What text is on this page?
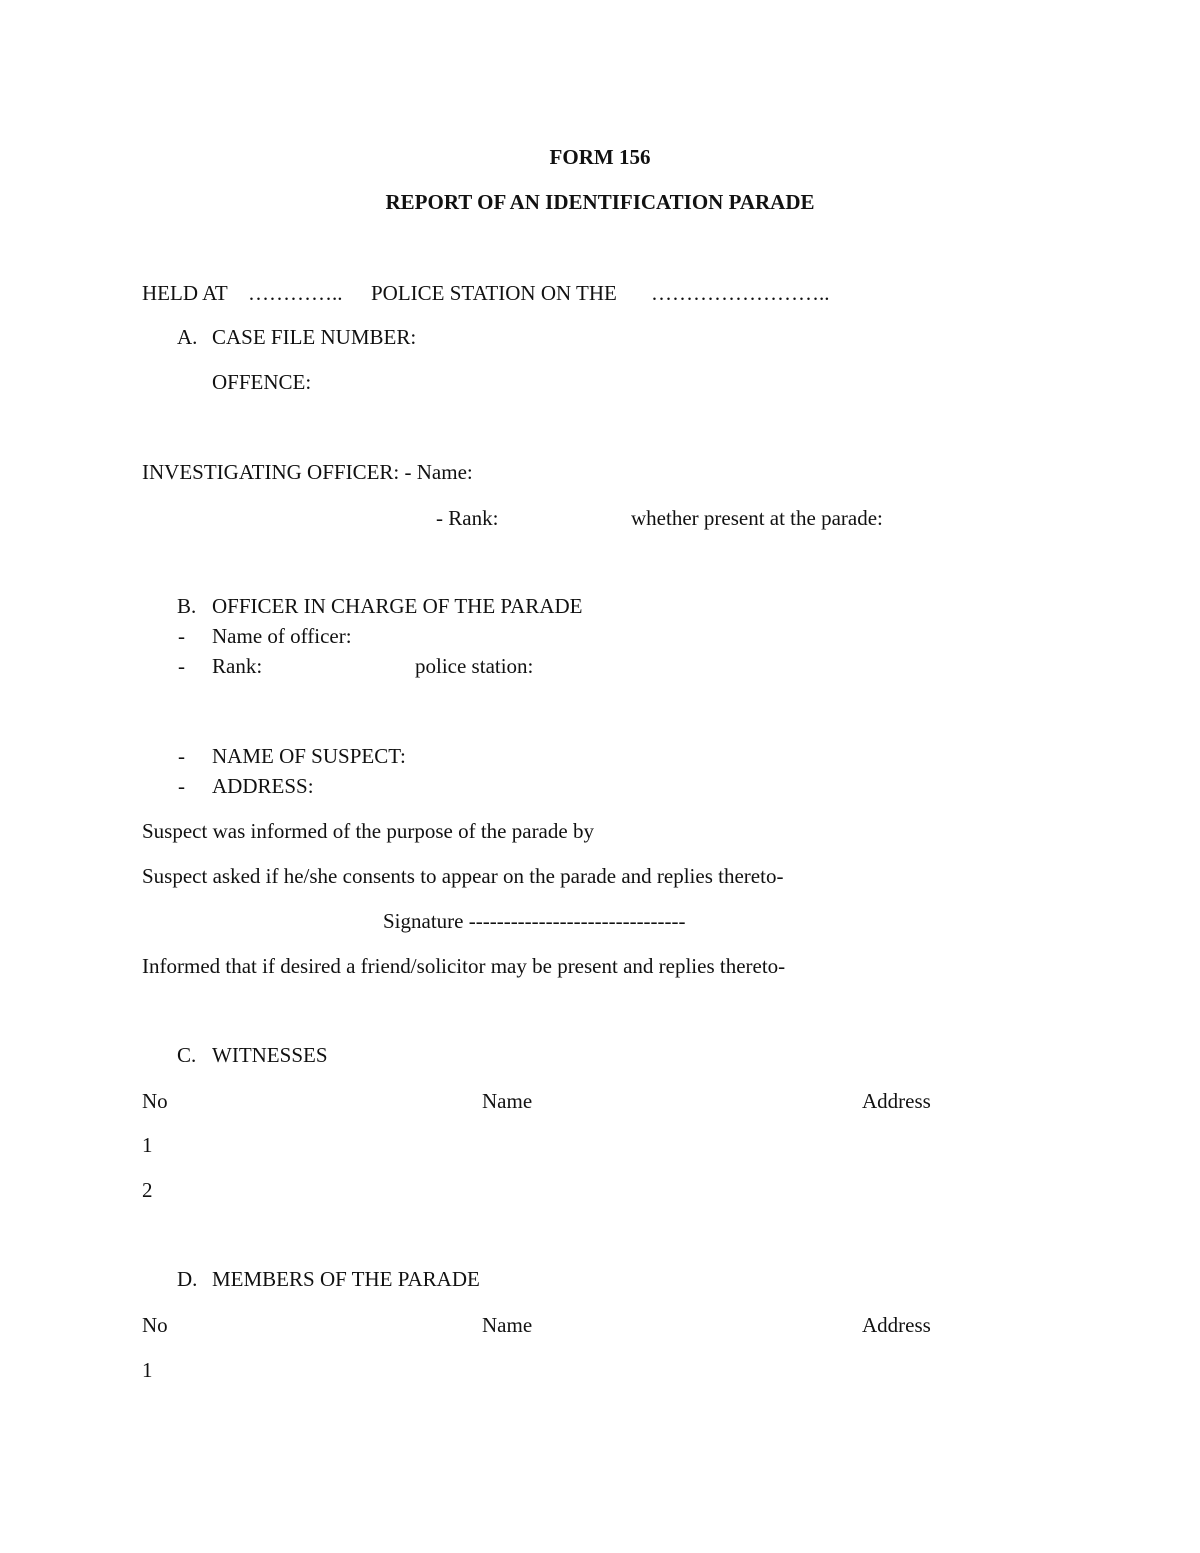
FORM 156
REPORT OF AN IDENTIFICATION PARADE
HELD AT ………….. POLICE STATION ON THE ……………………..
A. CASE FILE NUMBER:
OFFENCE:
INVESTIGATING OFFICER: - Name:
- Rank:	whether present at the parade:
B. OFFICER IN CHARGE OF THE PARADE
- Name of officer:
- Rank:	police station:
- NAME OF SUSPECT:
- ADDRESS:
Suspect was informed of the purpose of the parade by
Suspect asked if he/she consents to appear on the parade and replies thereto-
Signature -------------------------------
Informed that if desired a friend/solicitor may be present and replies thereto-
C. WITNESSES
No	Name	Address
1
2
D. MEMBERS OF THE PARADE
No	Name	Address
1
